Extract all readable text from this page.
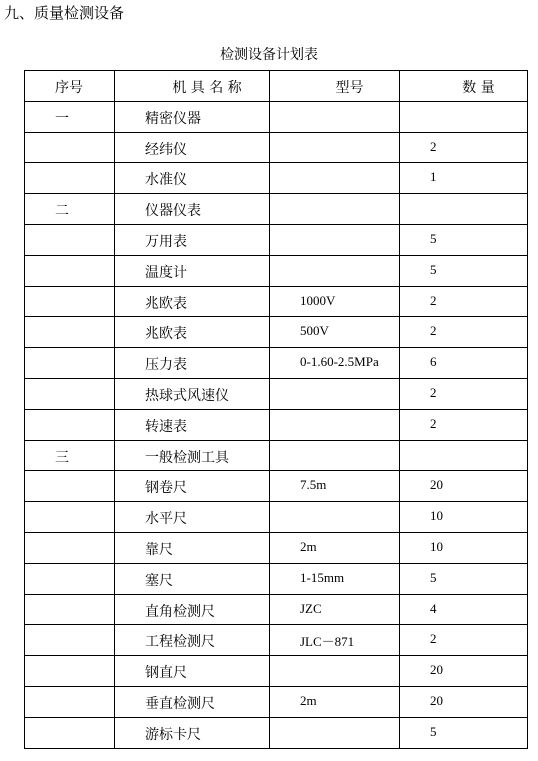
九、质量检测设备
检测设备计划表
序号	机 具 名 称	型号	数 量

一	精密仪器		

	经纬仪		2

	水准仪		1

二	仪器仪表		

	万用表		5

	温度计		5

	兆欧表	1000V	2

	兆欧表	500V	2

	压力表	0-1.60-2.5MPa	6

	热球式风速仪		2

	转速表		2

三	一般检测工具		

	钢卷尺	7.5m	20

	水平尺		10

	靠尺	2m	10

	塞尺	1-15mm	5

	直角检测尺	JZC	4

	工程检测尺	JLC－871	2

	钢直尺		20

	垂直检测尺	2m	20

	游标卡尺		5
